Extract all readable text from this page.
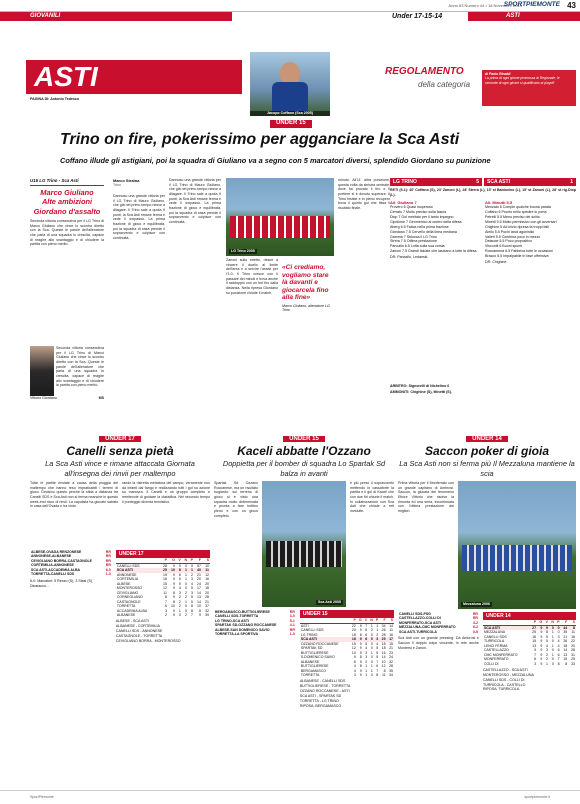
Anno 63 Numero 44 • 18 Novembre 2019
SPORTPIEMONTE 43
GIOVANILI	Under 17-15-14	ASTI
ASTI
PAGINA DI: Antonio Tedesco
Jacopo Coffano (Sca 2005)
REGOLAMENTO
della categoria
di Paolo Rinaldi
La prima di ogni girone promossa al Regionale, le seconde di ogni girone si qualificano ai playoff
UNDER 15
Trino on fire, pokerissimo per agganciare la Sca Asti
Coffano illude gli astigiani, poi la squadra di Giuliano va a segno con 5 marcatori diversi, splendido Giordano su punizione
U15 LG Trino - Sca Asti
Marco Giuliano
Alte ambizioni
Giordano d'assalto
Seconda vittoria consecutiva per il LG Trino di Marco Giuliano che vince lo scontro diretto con la Sca. Queste le parole dell'allenatore che parla di una squadra in crescita, capace di reagire allo svantaggio e di chiudere la partita con pieno merito.
Seconda vittoria consecutiva per il LG Trino di Marco Giuliano che vince lo scontro diretto con la Sca. Queste le parole dell'allenatore che parla di una squadra in crescita, capace di reagire allo svantaggio e di chiudere la partita con pieno merito.
Vittorio Giordano	MS
Marco Straina
Trino
Dannoso una grande vittoria per il LG Trino di Mauro Giuliano, che già nel primo tempo riesce a dilagare. Il Trino sale a quota 9 punti, la Sca Asti rimane ferma e vede il sorpasso. La prima frazione di gioco è equilibrata, poi la squadra di casa prende il sopravvento e colpisce con continuità.
Dannoso una grande vittoria per il LG Trino di Mauro Giuliano, che già nel primo tempo riesce a dilagare. Il Trino sale a quota 9 punti, la Sca Asti rimane ferma e vede il sorpasso. La prima frazione di gioco è equilibrata, poi la squadra di casa prende il sopravvento e colpisce con continuità.
LG Trino 2005
Zanoni sullo stretto, riesce a vincere il duello al limite dell'area e a servire l'assist per l'1-0. Il Trino cresce con il passare dei minuti e trova anche il raddoppio con un bel tiro dalla distanza. Nella ripresa Giordano su punizione chiude il match.
«Ci crediamo, vogliamo stare là davanti e giocarcela fino alla fine»
Marco Giuliano, allenatore LG Trino
minuto. All'11' altra punizione, questa volta da sinistra centrale, dove ha provato il tiro e il portiere si è dovuto superare. Il Trino insiste e in pieno recupero trova il quinto gol che fissa il risultato finale.
LG TRINO	5 SCA ASTI	1
RETI (5-1): 40' Coffano (S), 23' Zanoni (L), 28' Strera (L), 15' st Baldovino (L), 15' st Zanoni (L), 28' st rig.Diop (L).
All. Giuliano 7
Provero 6 Quasi inoperoso
Cerrato 7 Molto preciso sulla fascia
Diop 7 Gol meritato per il tanto impegno
Cipollone 7 Geometrico al centro della difesa
Aberg 6.5 Fatica nella prima frazione
Giordano 7.5 Cervello della linea mediana
Gamma 7 Sblocca il LG Trino
Strera 7.5 Ottima prestazione
Pancallo 6.5 Lotta sulla sua corsia
Zanoni 7.5 Grandi falcate che lasciano a lotte la difesa
DR: Pancallo, Ledanski.
All. Minutti 5.5
Menzato 6 Compie qualche buona parata
Coffano 6 Pronto nello spedire in porta
Petrelli 5.5 Meno preciso del solito
Minetti 5.5 Molto permissivo con gli avversari
Chighine 5 Ad inizio ripresa fa troppi falli
Aiello 5.5 Pochi lanci agonistici
Valleri 5.5 Combina poco in mezzo
Delaude 5.5 Poco propositivo
Viscontil 6 Buoni spunti
Roccamena 6.5 Fabbrica tutte le occasioni
Bracco 5.5 Impalpabile in fase offensiva
DR: Chighine.
ARBITRO: Signorelli di Nichelino 6
AMMONITI: Chighine (S), Minetti (S).
UNDER 17
Canelli senza pietà
La Sca Asti vince e rimane attaccata Giornata all'insegna dei rinvii per maltempo
Tutte le partite rinviate a causa della pioggia del maltempo che hanno reso impraticabili i terreni di gioco. Decisivo questo perché la sfida a distanza tra Canelli SDS e Sca Asti non si ferma neanche in questo week-end ricco di rinvii. La capolista ha giocato sabato in casa dell'Ovada e ha vinto.
rando la ristretta metratura del campo, veramente non da infanti dal fango e realizzando tutti i gol su azione su manovra. Il Canelli e un gruppo completo e meritevole di guidare la classifica. Nel secondo tempo il punteggio diventa tennistico.
ALBESE-OVADA RENZONESE	RR
ANNONESE-ALBANESE	RR
CEVIGLIANO BORRA-CASTAGNOLE	RR
CORTEMILIA-ANNONESE	RR
SCA ASTI-ACCADEMIA ALBA	6-0
TORRETTA-CANELLI SDS	1-3
6-0: Marcatori: 5 Renzo (S), 3 Stasi (S) Dicaracco...
UNDER 17
	P	G	V	N	P	F	S
CANELLI SDS	28	9	9	0	0	57	10
SCA ASTI	25	10	8	1	1	40	11
ANNONESE	19	9	6	1	2	21	12
CORTEMILIA	16	9	5	1	3	20	16
ALBESE	15	9	5	0	4	24	20
MONTEROSSO	12	9	4	0	5	17	18
CEVIGLIANO	11	8	3	2	3	14	20
CORNEGLIANO	8	9	2	2	5	13	28
CASTAGNOLE	7	8	2	1	5	14	21
TORRETTA	6	10	2	0	8	10	37
ACCADEMIA ALBA	3	9	1	0	8	5	32
ALBANESE	2	9	0	2	7	9	39
ALBESE - SCA ASTI
ALBANESE - CORTEMILIA
CANELLI SDS - ANNONESE
CASTAGNOLE - TORRETTA
CEVIGLIANO BORRA - MONTEROSSO
UNDER 15
Kaceli abbatte l'Ozzano
Doppietta per il bomber di squadra Lo Spartak Sd balza in avanti
Spartak Sd Ozzano Roccanese, ma un risultato bugiardo: sul terreno di gioco si è visto una squadra molto determinata e pronta a fare bottino pieno e con un gioco completo.
Sca Asti 2005
e più preso il sopravvento mettendo in cassaforte la partita e il gol di Kaceli che con due tiri chiude il match. In collaborazione con Sca Asti che chiude a reti inviolate.
BERGAMASCO-BUTTIGLIERESE	RR
CANELLI SDS-TORRETTA	3-0
LG TRINO-SCA ASTI	5-1
SPARTAK SD-OZZANO ROCCANESE	4-1
ALBESE-SAN DOMENICO SAVIO	RR
TORRETTA-LA SPORTIVA	1-0
UNDER 15
	P	G	V	N	P	F	S
ASTI	22	9	7	1	1	34	14
CANELLI SDS	20	9	6	2	1	26	11
LG TRINO	18	8	6	0	2	28	16
SCA ASTI	18	9	6	0	3	25	17
OZZANO ROCCANESE	15	9	5	0	4	18	15
SPARTAK SD	12	9	4	0	5	18	21
BUTTIGLIERESE	10	9	3	1	5	16	23
S.DOMENICO SAVIO	9	8	3	0	5	14	24
ALBANESE	6	9	2	0	7	10	32
BUTTIGLIERESE	4	8	1	1	6	12	28
BERGAMASCO	4	9	1	1	7	8	35
TORRETTA	3	9	1	0	8	11	34
ALBANESE - CANELLI SDS
BUTTIGLIERESE - TORRETTA
OZZANO ROCCANESE - ASTI
SCA ASTI - SPARTAK SD
TORRETTA - LG TRINO
RIPOSA: BERGAMASCO
UNDER 14
Saccon poker di gioia
La Sca Asti non si ferma più Il Mezzalunа mantiene la scia
Prima vittoria per il Monferrato con un grande capitano di Ambrosi. Saccon, la giocata del fenomeno Ettore Vittorio che risolve la rimonta ed una seria, incontinuata con l'ottima prestazione dei migliori.
Mezzaluna 2006
CANELLI SDS-PSG	RR
CASTELLAZZO-COLLI DI	RR
MONFERRATO-SCA ASTI	4-2
MEZZALUNA-CMC MONFERRATO	6-2
SCA ASTI-TURRICOLA	0-5
Sca Asti con un grande pressing. Da Ambrosi e Saccon il doppio colpo vincente, in rete anche Montersi e Zanon.
UNDER 14
	P	G	V	N	P	F	S
SCA ASTI	27	9	9	0	0	44	8
MEZZALUNA	25	9	8	1	0	39	11
CANELLI SDS	16	9	5	1	3	21	16
TURRICOLA	15	9	5	0	4	26	22
LENCI FERMA	13	9	4	1	4	18	20
CASTELLAZZO	9	9	3	0	6	14	28
CMC MONFERRATO	7	9	2	1	6	13	31
MONFERRATO	6	9	2	0	7	15	29
COLLI DI	3	9	1	0	8	8	33
CASTELLAZZO - SCA ASTI
MONTEROSSO - MEZZALUNA
CANELLI SDS - COLLI DI
TURRICOLA - CASTELLO
RIPOSA: TURRICOLA
SportPiemonte	sportpiemonte.it
